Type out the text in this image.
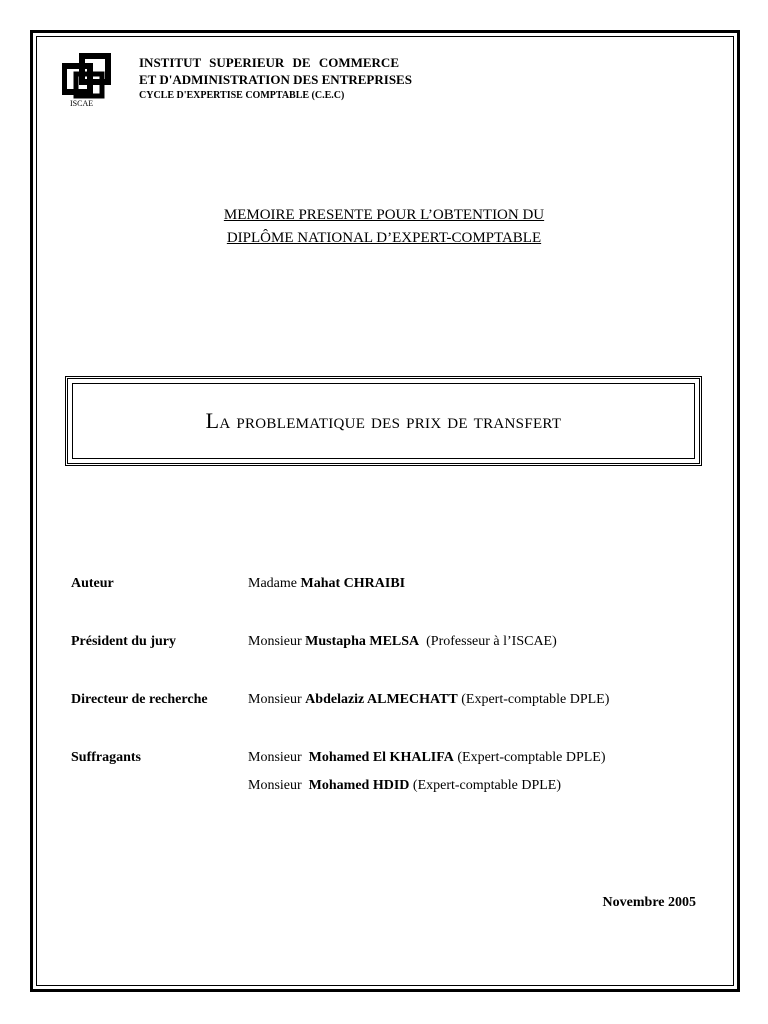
ISCAE
INSTITUT SUPERIEUR DE COMMERCE
ET D'ADMINISTRATION DES ENTREPRISES
CYCLE D'EXPERTISE COMPTABLE (C.E.C)
MEMOIRE PRESENTE POUR L’OBTENTION DU
DIPLÔME NATIONAL D’EXPERT-COMPTABLE
La problematique des prix de transfert
Auteur	Madame Mahat CHRAIBI
Président du jury	Monsieur Mustapha MELSA  (Professeur à l’ISCAE)
Directeur de recherche	Monsieur Abdelaziz ALMECHATT (Expert-comptable DPLE)
Suffragants	Monsieur  Mohamed El KHALIFA (Expert-comptable DPLE)
Monsieur  Mohamed HDID (Expert-comptable DPLE)
Novembre 2005
